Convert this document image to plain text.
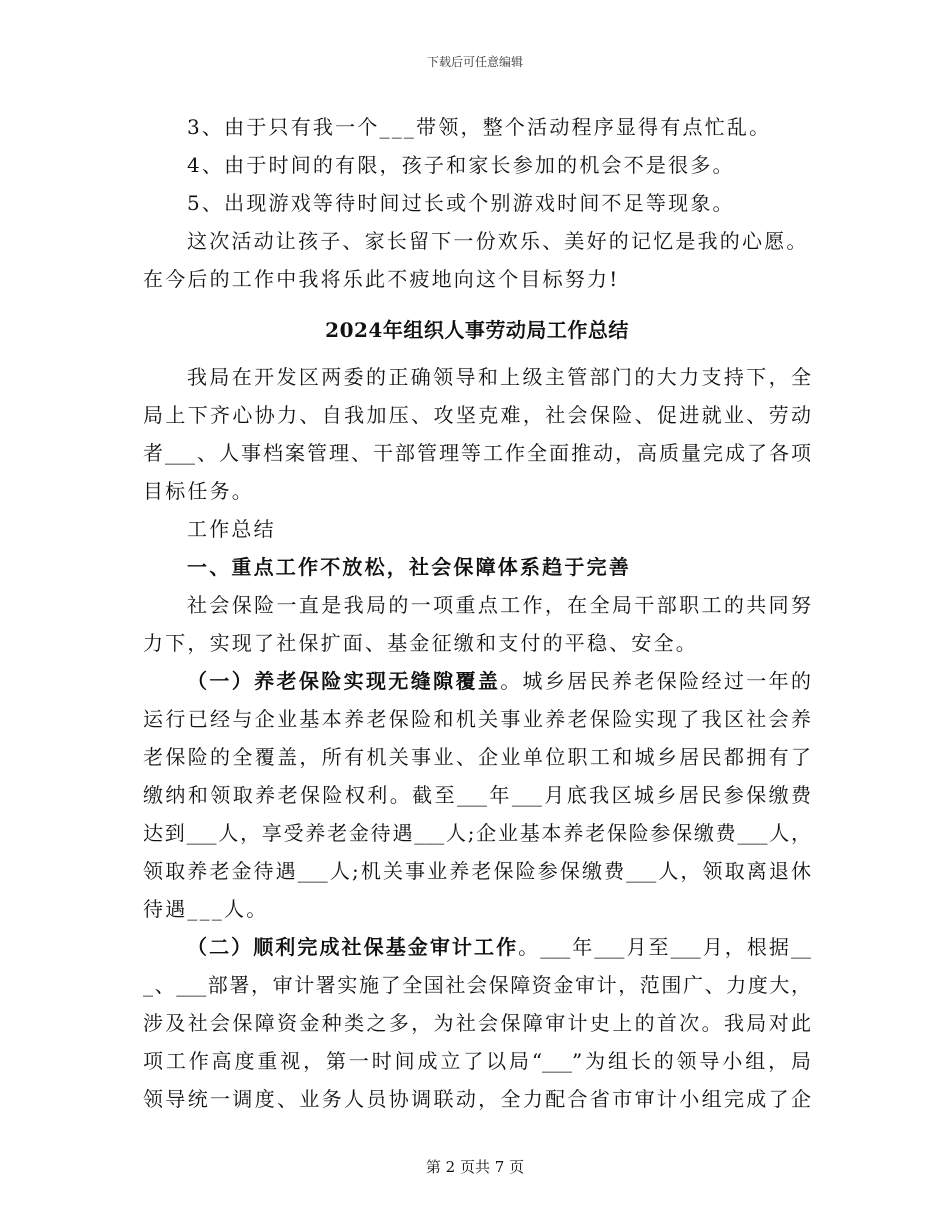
下载后可任意编辑
3、由于只有我一个___带领，整个活动程序显得有点忙乱。
4、由于时间的有限，孩子和家长参加的机会不是很多。
5、出现游戏等待时间过长或个别游戏时间不足等现象。
这次活动让孩子、家长留下一份欢乐、美好的记忆是我的心愿。
在今后的工作中我将乐此不疲地向这个目标努力!
2024年组织人事劳动局工作总结
我局在开发区两委的正确领导和上级主管部门的大力支持下，全
局上下齐心协力、自我加压、攻坚克难，社会保险、促进就业、劳动
者___、人事档案管理、干部管理等工作全面推动，高质量完成了各项
目标任务。
工作总结
一、重点工作不放松，社会保障体系趋于完善
社会保险一直是我局的一项重点工作，在全局干部职工的共同努
力下，实现了社保扩面、基金征缴和支付的平稳、安全。
（一）养老保险实现无缝隙覆盖。城乡居民养老保险经过一年的
运行已经与企业基本养老保险和机关事业养老保险实现了我区社会养
老保险的全覆盖，所有机关事业、企业单位职工和城乡居民都拥有了
缴纳和领取养老保险权利。截至___年___月底我区城乡居民参保缴费
达到___人，享受养老金待遇___人;企业基本养老保险参保缴费___人，
领取养老金待遇___人;机关事业养老保险参保缴费___人，领取离退休
待遇___人。
（二）顺利完成社保基金审计工作。___年___月至___月，根据__
_、___部署，审计署实施了全国社会保障资金审计，范围广、力度大，
涉及社会保障资金种类之多，为社会保障审计史上的首次。我局对此
项工作高度重视，第一时间成立了以局“___”为组长的领导小组，局
领导统一调度、业务人员协调联动，全力配合省市审计小组完成了企
第 2 页共 7 页
